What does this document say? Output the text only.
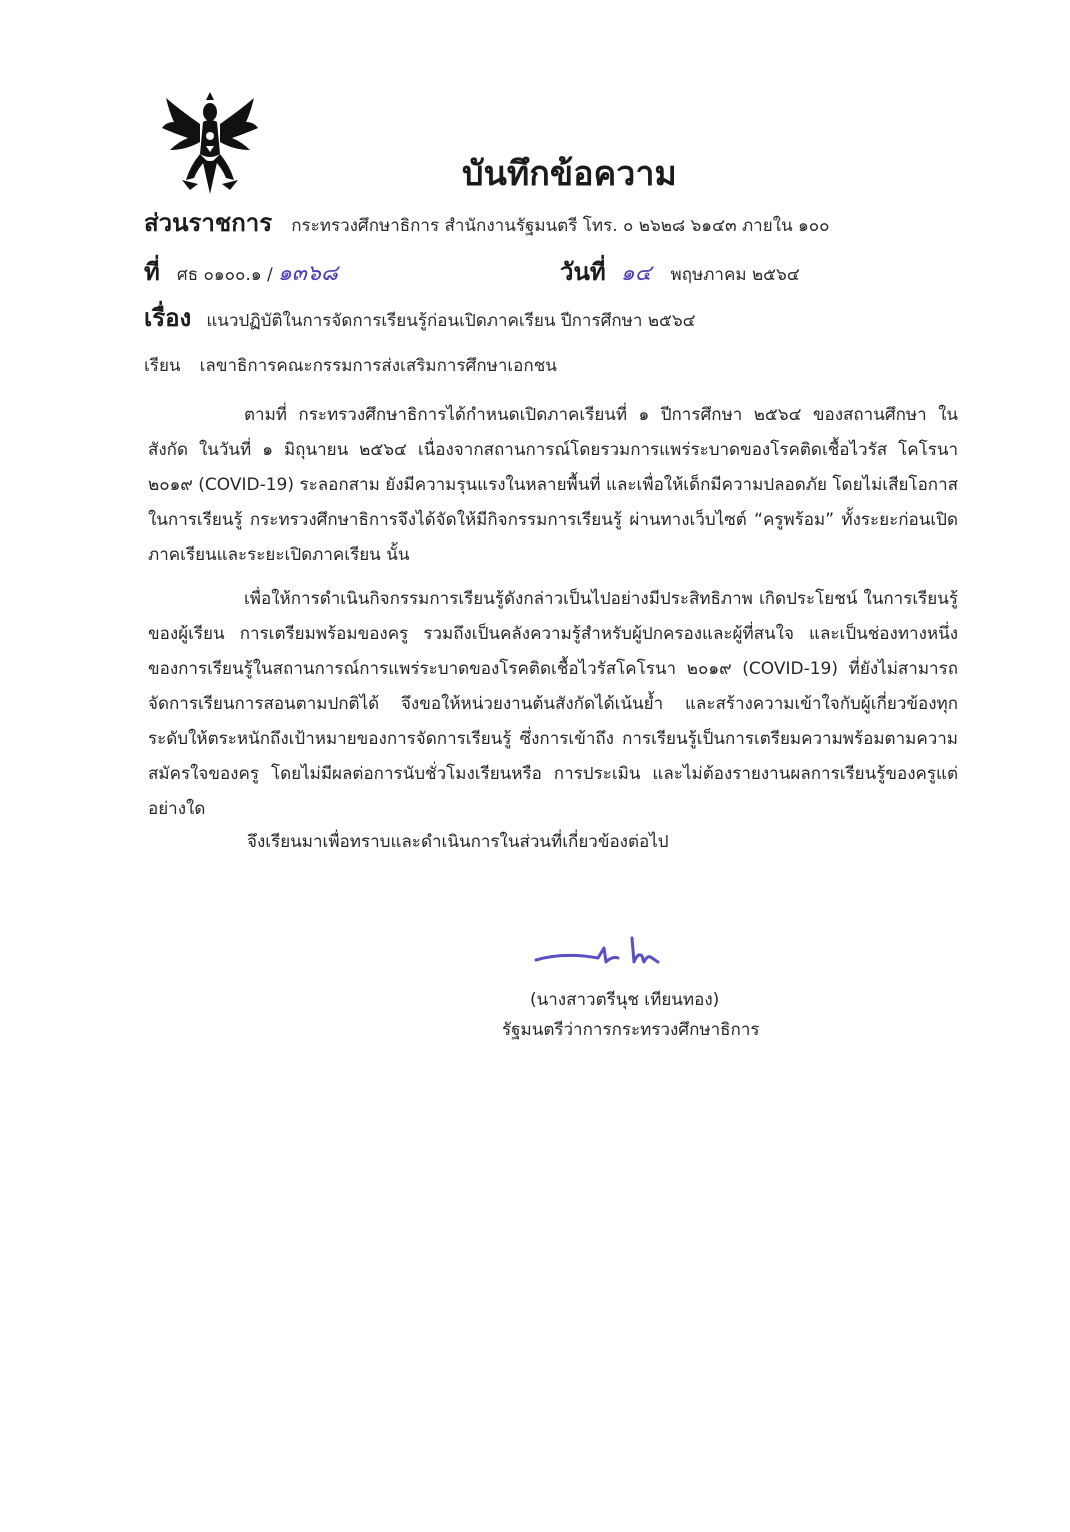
บันทึกข้อความ
ส่วนราชการ กระทรวงศึกษาธิการ สำนักงานรัฐมนตรี โทร. ๐ ๒๖๒๘ ๖๑๔๓ ภายใน ๑๐๐
ที่ ศธ ๐๑๐๐.๑ / ๑๓๖๘	วันที่ ๑๔ พฤษภาคม ๒๕๖๔
เรื่อง แนวปฏิบัติในการจัดการเรียนรู้ก่อนเปิดภาคเรียน ปีการศึกษา ๒๕๖๔
เรียน เลขาธิการคณะกรรมการส่งเสริมการศึกษาเอกชน

ตามที่ กระทรวงศึกษาธิการได้กำหนดเปิดภาคเรียนที่ ๑ ปีการศึกษา ๒๕๖๔ ของสถานศึกษา ในสังกัด ในวันที่ ๑ มิถุนายน ๒๕๖๔ เนื่องจากสถานการณ์โดยรวมการแพร่ระบาดของโรคติดเชื้อไวรัส โคโรนา ๒๐๑๙ (COVID-19) ระลอกสาม ยังมีความรุนแรงในหลายพื้นที่ และเพื่อให้เด็กมีความปลอดภัย โดยไม่เสียโอกาสในการเรียนรู้ กระทรวงศึกษาธิการจึงได้จัดให้มีกิจกรรมการเรียนรู้ ผ่านทางเว็บไซต์ “ครูพร้อม” ทั้งระยะก่อนเปิดภาคเรียนและระยะเปิดภาคเรียน นั้น

เพื่อให้การดำเนินกิจกรรมการเรียนรู้ดังกล่าวเป็นไปอย่างมีประสิทธิภาพ เกิดประโยชน์ ในการเรียนรู้ของผู้เรียน การเตรียมพร้อมของครู รวมถึงเป็นคลังความรู้สำหรับผู้ปกครองและผู้ที่สนใจ และเป็นช่องทางหนึ่งของการเรียนรู้ในสถานการณ์การแพร่ระบาดของโรคติดเชื้อไวรัสโคโรนา ๒๐๑๙ (COVID-19) ที่ยังไม่สามารถจัดการเรียนการสอนตามปกติได้ จึงขอให้หน่วยงานต้นสังกัดได้เน้นย้ำ และสร้างความเข้าใจกับผู้เกี่ยวข้องทุกระดับให้ตระหนักถึงเป้าหมายของการจัดการเรียนรู้ ซึ่งการเข้าถึง การเรียนรู้เป็นการเตรียมความพร้อมตามความสมัครใจของครู โดยไม่มีผลต่อการนับชั่วโมงเรียนหรือ การประเมิน และไม่ต้องรายงานผลการเรียนรู้ของครูแต่อย่างใด

จึงเรียนมาเพื่อทราบและดำเนินการในส่วนที่เกี่ยวข้องต่อไป
(นางสาวตรีนุช เทียนทอง)
รัฐมนตรีว่าการกระทรวงศึกษาธิการ
